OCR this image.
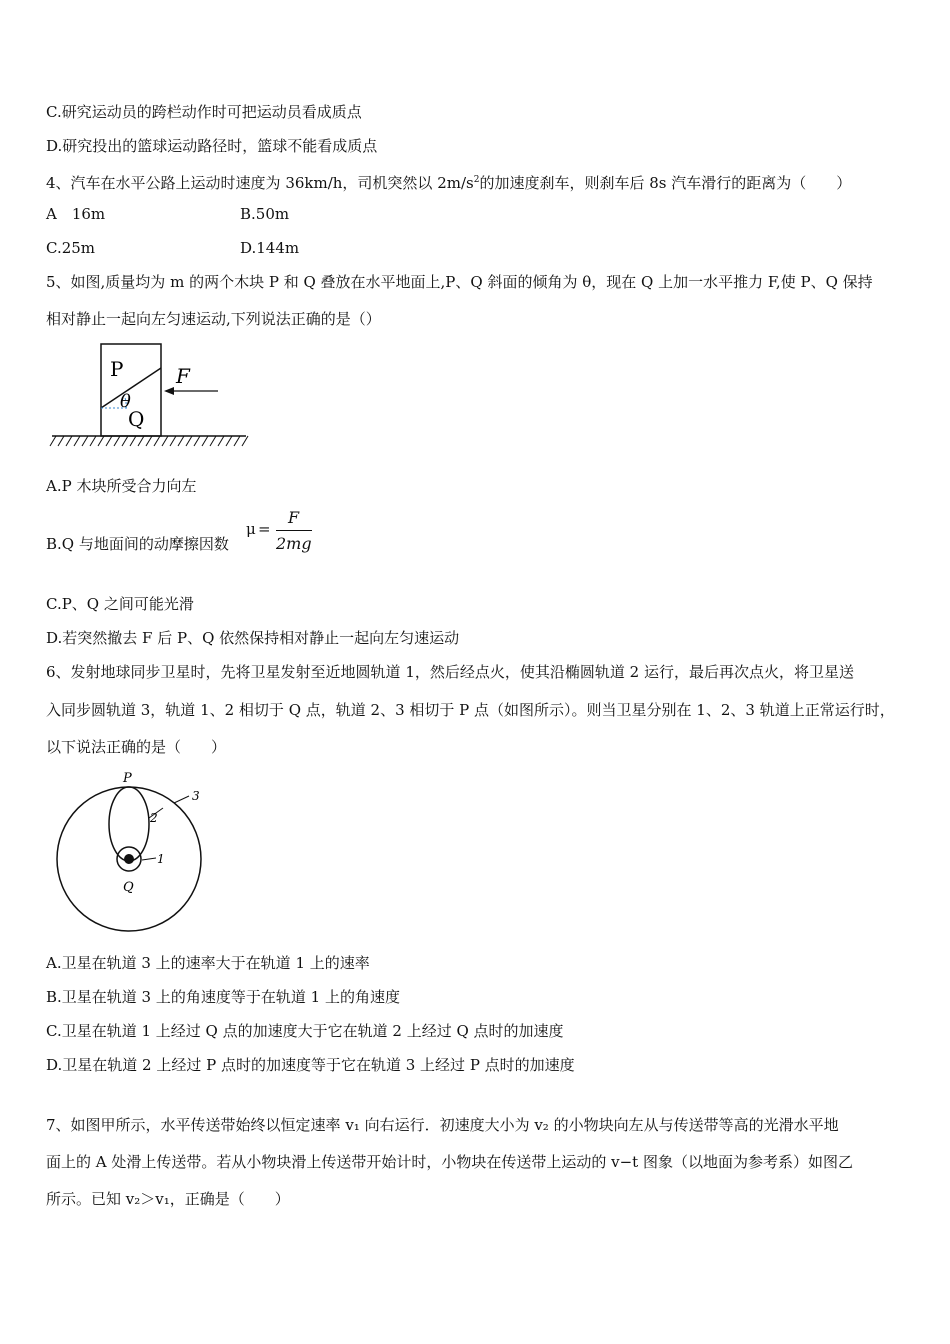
C.研究运动员的跨栏动作时可把运动员看成质点
D.研究投出的篮球运动路径时，篮球不能看成质点
4、汽车在水平公路上运动时速度为 36km/h，司机突然以 $2m/s^2$的加速度刹车，则刹车后 8s 汽车滑行的距离为（　　）
A　16m	B.50m
C.25m	D.144m
5、如图,质量均为 m 的两个木块 P 和 Q 叠放在水平地面上,P、Q 斜面的倾角为 θ，现在 Q 上加一水平推力 F,使 P、Q 保持
相对静止一起向左匀速运动,下列说法正确的是（）
P
Q
F
θ
A.P 木块所受合力向左
B.Q 与地面间的动摩擦因数
μ =
F
2mg
C.P、Q 之间可能光滑
D.若突然撤去 F 后 P、Q 依然保持相对静止一起向左匀速运动
6、发射地球同步卫星时，先将卫星发射至近地圆轨道 1，然后经点火，使其沿椭圆轨道 2 运行，最后再次点火，将卫星送
入同步圆轨道 3，轨道 1、2 相切于 Q 点，轨道 2、3 相切于 P 点（如图所示）。则当卫星分别在 1、2、3 轨道上正常运行时，
以下说法正确的是（　　）
P
Q
1
2
3
A.卫星在轨道 3 上的速率大于在轨道 1 上的速率
B.卫星在轨道 3 上的角速度等于在轨道 1 上的角速度
C.卫星在轨道 1 上经过 Q 点的加速度大于它在轨道 2 上经过 Q 点时的加速度
D.卫星在轨道 2 上经过 P 点时的加速度等于它在轨道 3 上经过 P 点时的加速度
7、如图甲所示，水平传送带始终以恒定速率 v₁ 向右运行．初速度大小为 v₂ 的小物块向左从与传送带等高的光滑水平地
面上的 A 处滑上传送带。若从小物块滑上传送带开始计时，小物块在传送带上运动的 v−t 图象（以地面为参考系）如图乙
所示。已知 v₂＞v₁，正确是（　　）
